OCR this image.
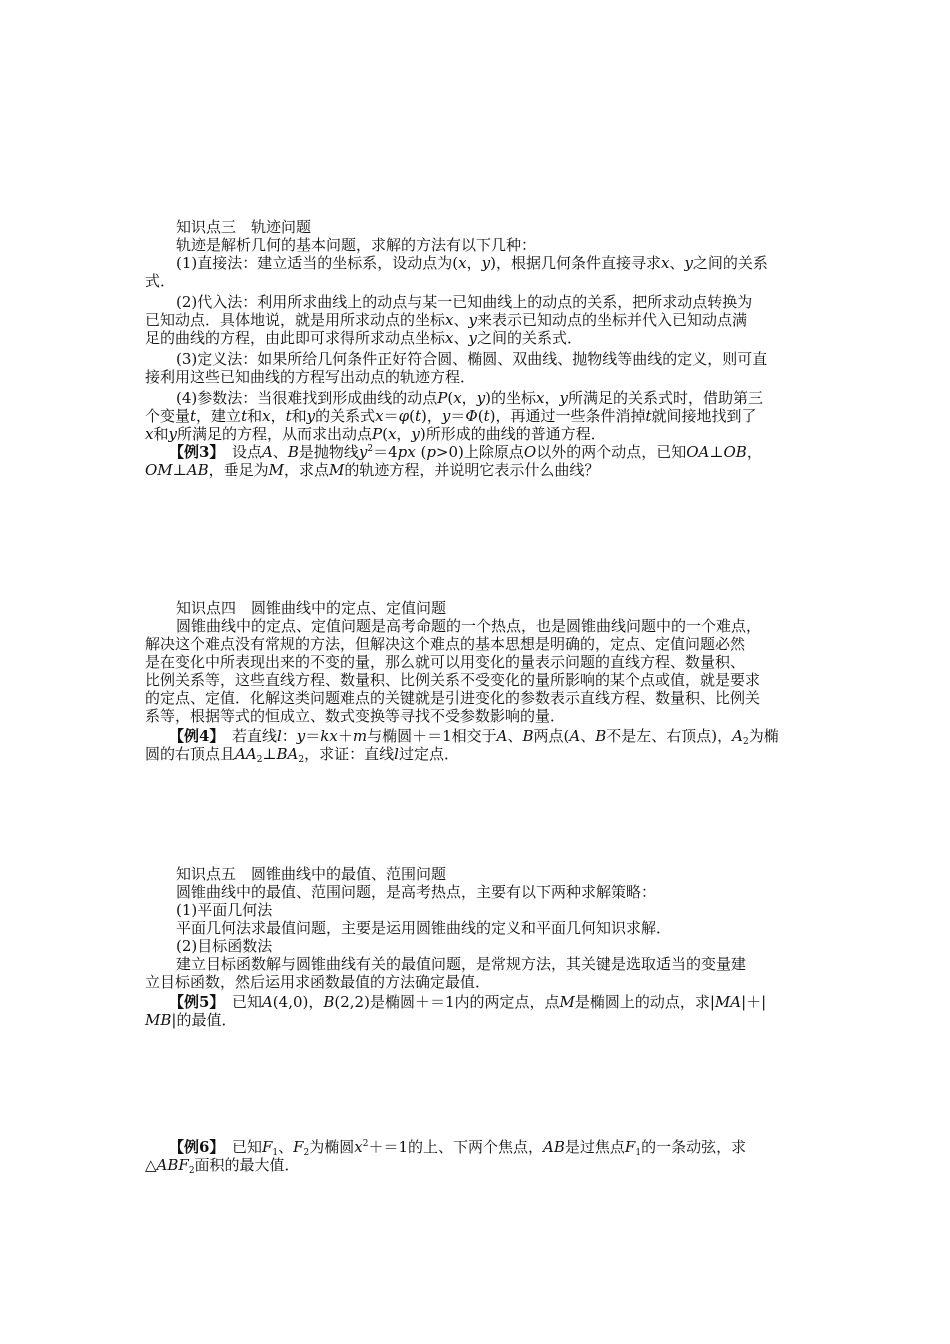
知识点三　轨迹问题
轨迹是解析几何的基本问题，求解的方法有以下几种：
(1)直接法：建立适当的坐标系，设动点为(x，y)，根据几何条件直接寻求x、y之间的关系
式．
(2)代入法：利用所求曲线上的动点与某一已知曲线上的动点的关系，把所求动点转换为
已知动点．具体地说，就是用所求动点的坐标x、y来表示已知动点的坐标并代入已知动点满
足的曲线的方程，由此即可求得所求动点坐标x、y之间的关系式．
(3)定义法：如果所给几何条件正好符合圆、椭圆、双曲线、抛物线等曲线的定义，则可直
接利用这些已知曲线的方程写出动点的轨迹方程．
(4)参数法：当很难找到形成曲线的动点P(x，y)的坐标x，y所满足的关系式时，借助第三
个变量t，建立t和x，t和y的关系式x＝φ(t)，y＝Φ(t)，再通过一些条件消掉t就间接地找到了
x和y所满足的方程，从而求出动点P(x，y)所形成的曲线的普通方程．
【例3】　设点A、B是抛物线$y^2=4px$ (p>0)上除原点O以外的两个动点，已知OA⊥OB，
OM⊥AB，垂足为M，求点M的轨迹方程，并说明它表示什么曲线？
知识点四　圆锥曲线中的定点、定值问题
圆锥曲线中的定点、定值问题是高考命题的一个热点，也是圆锥曲线问题中的一个难点，
解决这个难点没有常规的方法，但解决这个难点的基本思想是明确的，定点、定值问题必然
是在变化中所表现出来的不变的量，那么就可以用变化的量表示问题的直线方程、数量积、
比例关系等，这些直线方程、数量积、比例关系不受变化的量所影响的某个点或值，就是要求
的定点、定值．化解这类问题难点的关键就是引进变化的参数表示直线方程、数量积、比例关
系等，根据等式的恒成立、数式变换等寻找不受参数影响的量．
【例4】　若直线l：y＝kx＋m与椭圆＋＝1相交于A、B两点(A、B不是左、右顶点)，$A_2$为椭
圆的右顶点且$AA_2\perp BA_2$，求证：直线l过定点．
知识点五　圆锥曲线中的最值、范围问题
圆锥曲线中的最值、范围问题，是高考热点，主要有以下两种求解策略：
(1)平面几何法
平面几何法求最值问题，主要是运用圆锥曲线的定义和平面几何知识求解．
(2)目标函数法
建立目标函数解与圆锥曲线有关的最值问题，是常规方法，其关键是选取适当的变量建
立目标函数，然后运用求函数最值的方法确定最值．
【例5】　已知A(4,0)，B(2,2)是椭圆＋＝1内的两定点，点M是椭圆上的动点，求|MA|＋|
MB|的最值．
【例6】　已知$F_1$、$F_2$为椭圆$x^2+=1$的上、下两个焦点，AB是过焦点$F_1$的一条动弦，求
$\triangle ABF_2$面积的最大值．
